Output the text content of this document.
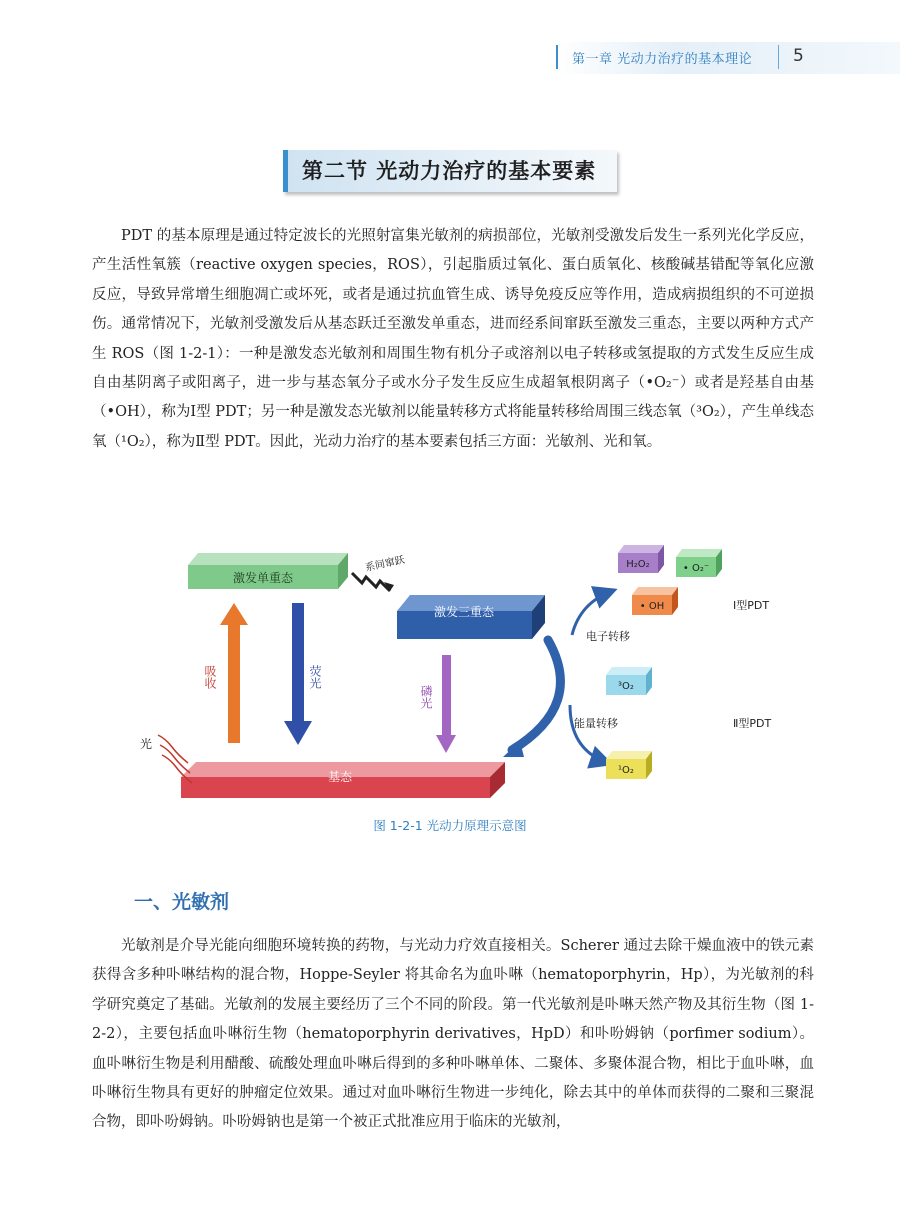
第一章 光动力治疗的基本理论 5
第二节 光动力治疗的基本要素

PDT 的基本原理是通过特定波长的光照射富集光敏剂的病损部位，光敏剂受激发后发生一系列光化学反应，产生活性氧簇（reactive oxygen species，ROS），引起脂质过氧化、蛋白质氧化、核酸碱基错配等氧化应激反应，导致异常增生细胞凋亡或坏死，或者是通过抗血管生成、诱导免疫反应等作用，造成病损组织的不可逆损伤。通常情况下，光敏剂受激发后从基态跃迁至激发单重态，进而经系间窜跃至激发三重态，主要以两种方式产生 ROS（图 1-2-1）：一种是激发态光敏剂和周围生物有机分子或溶剂以电子转移或氢提取的方式发生反应生成自由基阴离子或阳离子，进一步与基态氧分子或水分子发生反应生成超氧根阴离子（•O₂⁻）或者是羟基自由基（•OH），称为Ⅰ型 PDT；另一种是激发态光敏剂以能量转移方式将能量转移给周围三线态氧（³O₂），产生单线态氧（¹O₂），称为Ⅱ型 PDT。因此，光动力治疗的基本要素包括三方面：光敏剂、光和氧。

激发单重态
系间窜跃
激发三重态
基态
吸收	荧光
磷光
光
电子转移
能量转移
H₂O₂	• O₂⁻
• OH
³O₂
¹O₂
Ⅰ型PDT
Ⅱ型PDT
图 1-2-1 光动力原理示意图
一、光敏剂

光敏剂是介导光能向细胞环境转换的药物，与光动力疗效直接相关。Scherer 通过去除干燥血液中的铁元素获得含多种卟啉结构的混合物，Hoppe-Seyler 将其命名为血卟啉（hematoporphyrin，Hp），为光敏剂的科学研究奠定了基础。光敏剂的发展主要经历了三个不同的阶段。第一代光敏剂是卟啉天然产物及其衍生物（图 1-2-2），主要包括血卟啉衍生物（hematoporphyrin derivatives，HpD）和卟吩姆钠（porfimer sodium）。血卟啉衍生物是利用醋酸、硫酸处理血卟啉后得到的多种卟啉单体、二聚体、多聚体混合物，相比于血卟啉，血卟啉衍生物具有更好的肿瘤定位效果。通过对血卟啉衍生物进一步纯化，除去其中的单体而获得的二聚和三聚混合物，即卟吩姆钠。卟吩姆钠也是第一个被正式批准应用于临床的光敏剂，
